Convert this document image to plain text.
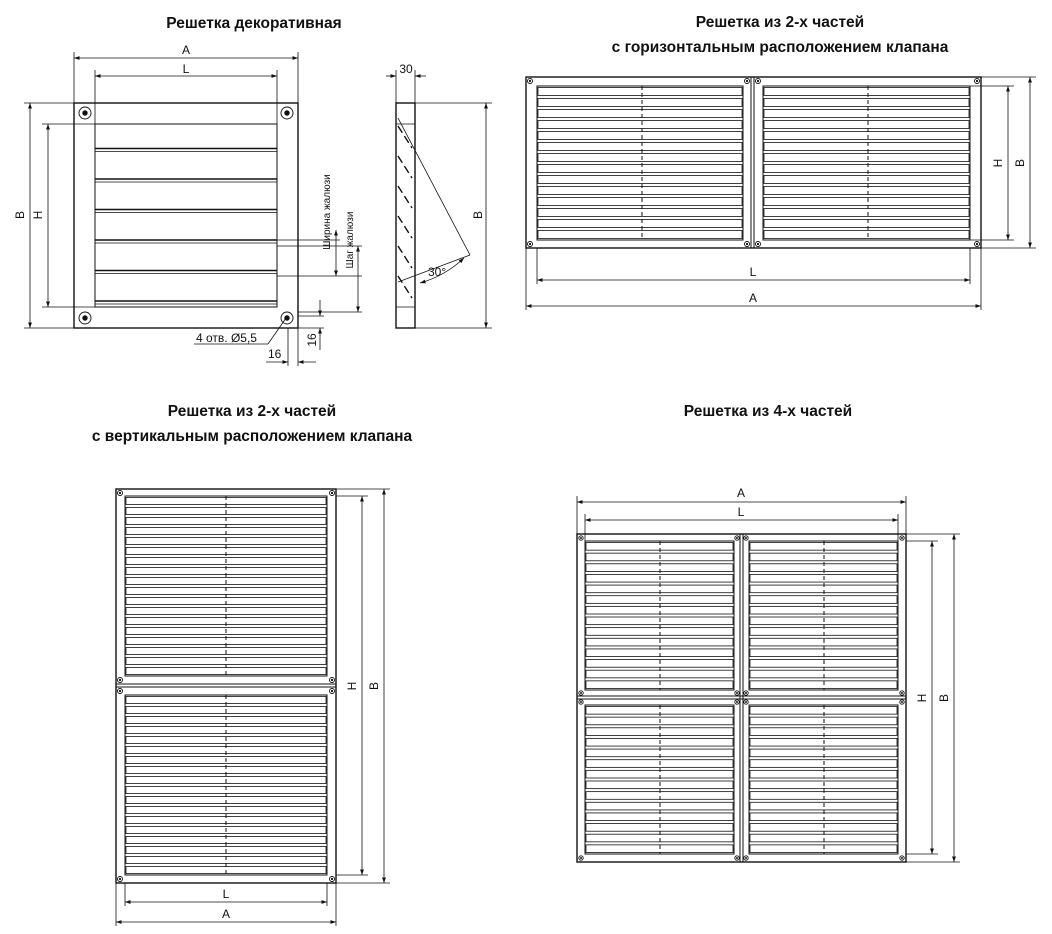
Решетка декоративная
A
L
B H	Ширина жалюзи Шаг жалюзи
4 отв. Ø5,5
16
16
30
B
30°
Решетка из 2-х частей
с горизонтальным расположением клапана
L
A
H B
Решетка из 2-х частей
с вертикальным расположением клапана
L
A
H B
Решетка из 4-х частей
A
L
H B
